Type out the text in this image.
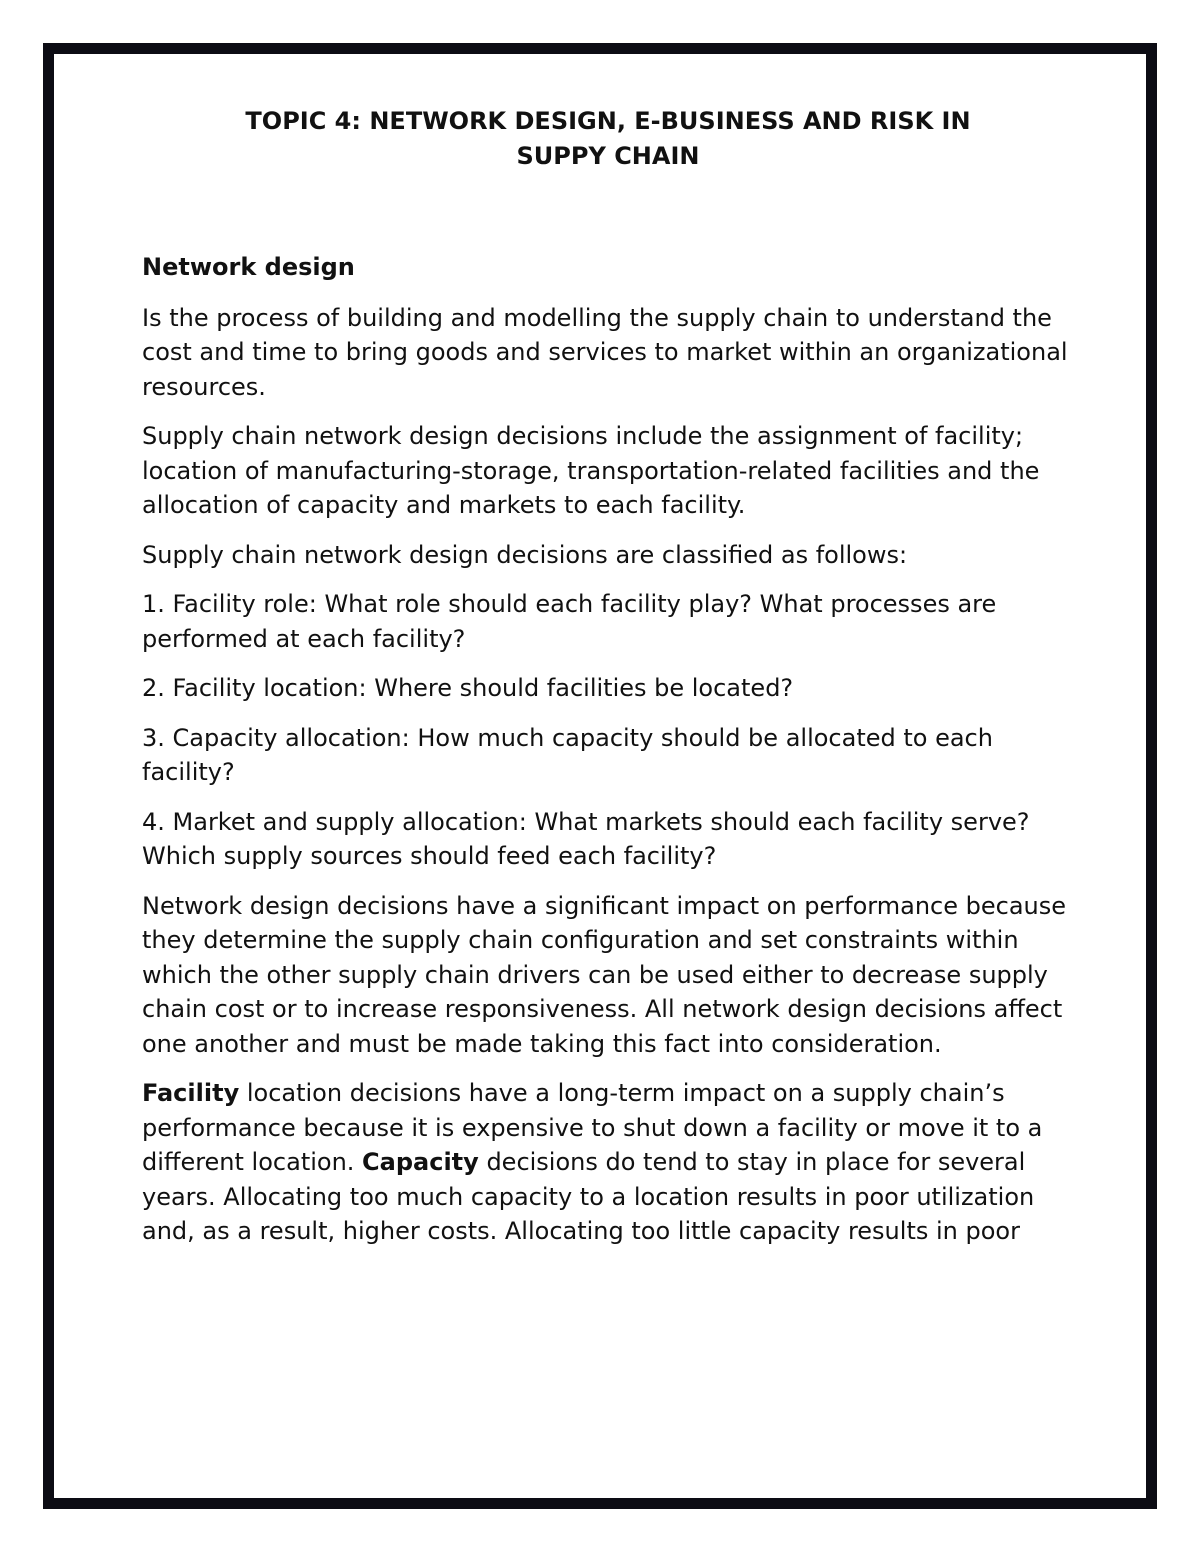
TOPIC 4: NETWORK DESIGN, E-BUSINESS AND RISK IN
SUPPY CHAIN
Network design

Is the process of building and modelling the supply chain to understand the cost and time to bring goods and services to market within an organizational resources.

Supply chain network design decisions include the assignment of facility; location of manufacturing-storage, transportation-related facilities and the allocation of capacity and markets to each facility.

Supply chain network design decisions are classified as follows:

1. Facility role: What role should each facility play? What processes are performed at each facility?

2. Facility location: Where should facilities be located?

3. Capacity allocation: How much capacity should be allocated to each facility?

4. Market and supply allocation: What markets should each facility serve? Which supply sources should feed each facility?

Network design decisions have a significant impact on performance because they determine the supply chain configuration and set constraints within which the other supply chain drivers can be used either to decrease supply chain cost or to increase responsiveness. All network design decisions affect one another and must be made taking this fact into consideration.

Facility location decisions have a long-term impact on a supply chain’s performance because it is expensive to shut down a facility or move it to a different location. Capacity decisions do tend to stay in place for several years. Allocating too much capacity to a location results in poor utilization and, as a result, higher costs. Allocating too little capacity results in poor
